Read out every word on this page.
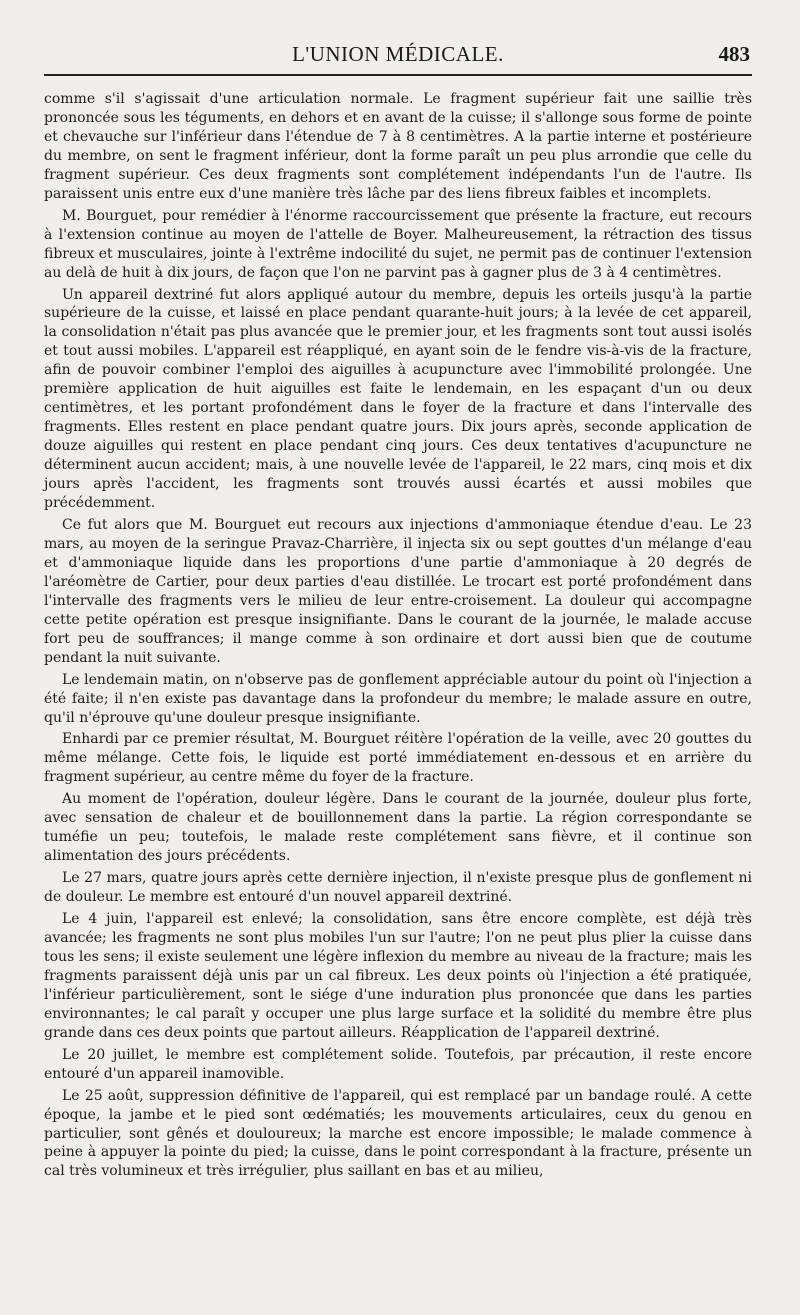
L'UNION MÉDICALE.	483

comme s'il s'agissait d'une articulation normale. Le fragment supérieur fait une saillie très prononcée sous les téguments, en dehors et en avant de la cuisse; il s'allonge sous forme de pointe et chevauche sur l'inférieur dans l'étendue de 7 à 8 centimètres. A la partie interne et postérieure du membre, on sent le fragment inférieur, dont la forme paraît un peu plus arrondie que celle du fragment supérieur. Ces deux fragments sont complétement indépendants l'un de l'autre. Ils paraissent unis entre eux d'une manière très lâche par des liens fibreux faibles et incomplets.

M. Bourguet, pour remédier à l'énorme raccourcissement que présente la fracture, eut recours à l'extension continue au moyen de l'attelle de Boyer. Malheureusement, la rétraction des tissus fibreux et musculaires, jointe à l'extrême indocilité du sujet, ne permit pas de continuer l'extension au delà de huit à dix jours, de façon que l'on ne parvint pas à gagner plus de 3 à 4 centimètres.

Un appareil dextriné fut alors appliqué autour du membre, depuis les orteils jusqu'à la partie supérieure de la cuisse, et laissé en place pendant quarante-huit jours; à la levée de cet appareil, la consolidation n'était pas plus avancée que le premier jour, et les fragments sont tout aussi isolés et tout aussi mobiles. L'appareil est réappliqué, en ayant soin de le fendre vis-à-vis de la fracture, afin de pouvoir combiner l'emploi des aiguilles à acupuncture avec l'immobilité prolongée. Une première application de huit aiguilles est faite le lendemain, en les espaçant d'un ou deux centimètres, et les portant profondément dans le foyer de la fracture et dans l'intervalle des fragments. Elles restent en place pendant quatre jours. Dix jours après, seconde application de douze aiguilles qui restent en place pendant cinq jours. Ces deux tentatives d'acupuncture ne déterminent aucun accident; mais, à une nouvelle levée de l'appareil, le 22 mars, cinq mois et dix jours après l'accident, les fragments sont trouvés aussi écartés et aussi mobiles que précédemment.

Ce fut alors que M. Bourguet eut recours aux injections d'ammoniaque étendue d'eau. Le 23 mars, au moyen de la seringue Pravaz-Charrière, il injecta six ou sept gouttes d'un mélange d'eau et d'ammoniaque liquide dans les proportions d'une partie d'ammoniaque à 20 degrés de l'aréomètre de Cartier, pour deux parties d'eau distillée. Le trocart est porté profondément dans l'intervalle des fragments vers le milieu de leur entre-croisement. La douleur qui accompagne cette petite opération est presque insignifiante. Dans le courant de la journée, le malade accuse fort peu de souffrances; il mange comme à son ordinaire et dort aussi bien que de coutume pendant la nuit suivante.

Le lendemain matin, on n'observe pas de gonflement appréciable autour du point où l'injection a été faite; il n'en existe pas davantage dans la profondeur du membre; le malade assure en outre, qu'il n'éprouve qu'une douleur presque insignifiante.

Enhardi par ce premier résultat, M. Bourguet réitère l'opération de la veille, avec 20 gouttes du même mélange. Cette fois, le liquide est porté immédiatement en-dessous et en arrière du fragment supérieur, au centre même du foyer de la fracture.

Au moment de l'opération, douleur légère. Dans le courant de la journée, douleur plus forte, avec sensation de chaleur et de bouillonnement dans la partie. La région correspondante se tuméfie un peu; toutefois, le malade reste complétement sans fièvre, et il continue son alimentation des jours précédents.

Le 27 mars, quatre jours après cette dernière injection, il n'existe presque plus de gonflement ni de douleur. Le membre est entouré d'un nouvel appareil dextriné.

Le 4 juin, l'appareil est enlevé; la consolidation, sans être encore complète, est déjà très avancée; les fragments ne sont plus mobiles l'un sur l'autre; l'on ne peut plus plier la cuisse dans tous les sens; il existe seulement une légère inflexion du membre au niveau de la fracture; mais les fragments paraissent déjà unis par un cal fibreux. Les deux points où l'injection a été pratiquée, l'inférieur particulièrement, sont le siége d'une induration plus prononcée que dans les parties environnantes; le cal paraît y occuper une plus large surface et la solidité du membre être plus grande dans ces deux points que partout ailleurs. Réapplication de l'appareil dextriné.

Le 20 juillet, le membre est complétement solide. Toutefois, par précaution, il reste encore entouré d'un appareil inamovible.

Le 25 août, suppression définitive de l'appareil, qui est remplacé par un bandage roulé. A cette époque, la jambe et le pied sont œdématiés; les mouvements articulaires, ceux du genou en particulier, sont gênés et douloureux; la marche est encore impossible; le malade commence à peine à appuyer la pointe du pied; la cuisse, dans le point correspondant à la fracture, présente un cal très volumineux et très irrégulier, plus saillant en bas et au milieu,
